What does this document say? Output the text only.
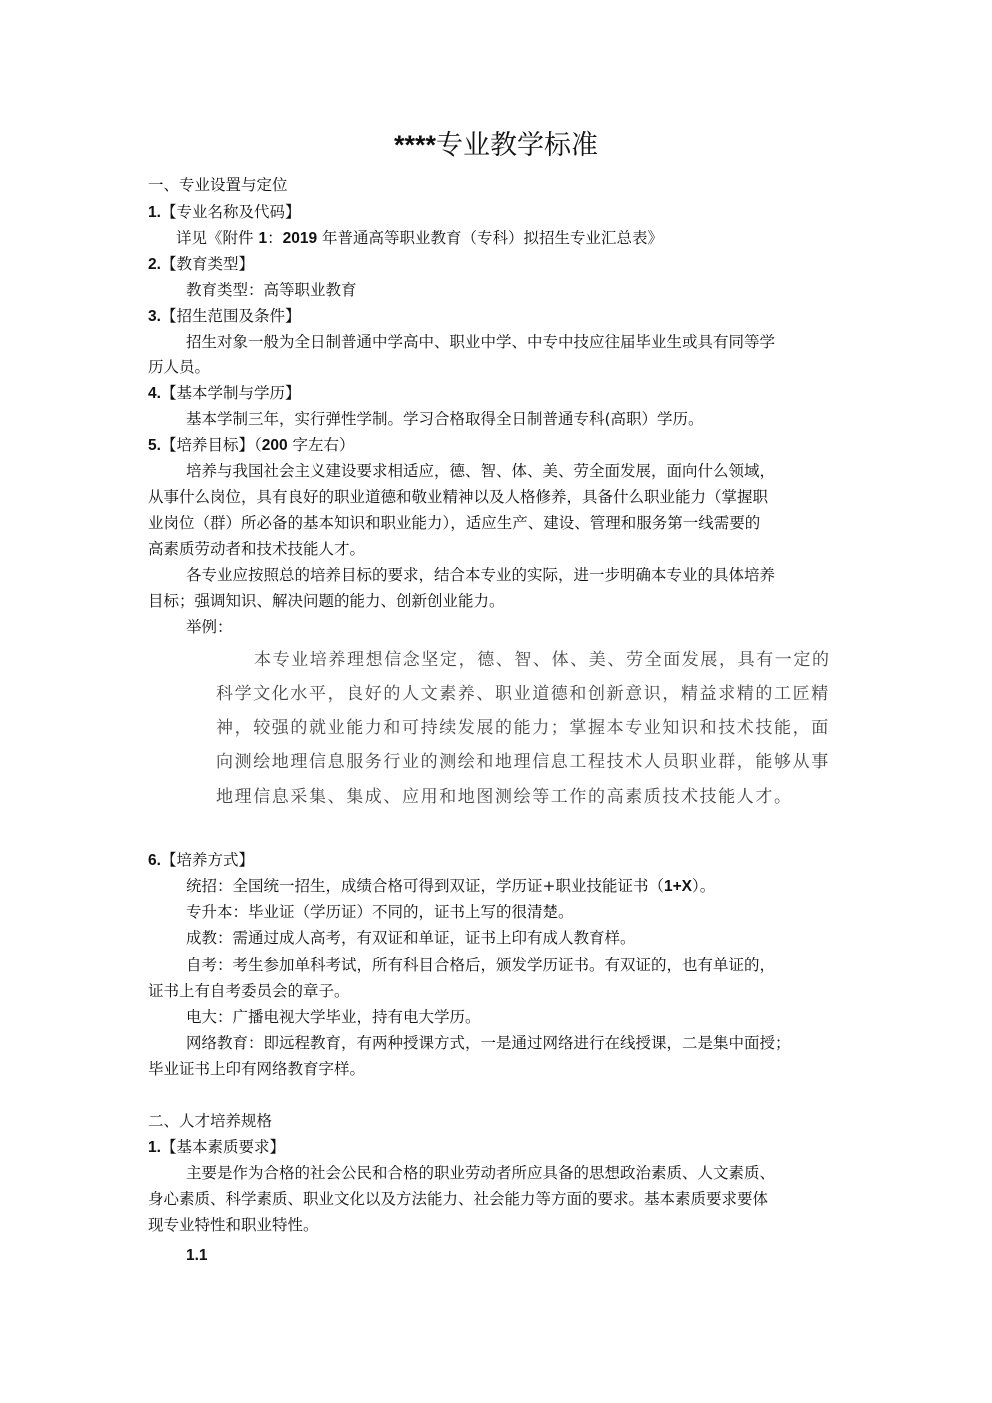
****专业教学标准
一、专业设置与定位
1.【专业名称及代码】
详见《附件 1：2019 年普通高等职业教育（专科）拟招生专业汇总表》
2.【教育类型】
教育类型：高等职业教育
3.【招生范围及条件】
招生对象一般为全日制普通中学高中、职业中学、中专中技应往届毕业生或具有同等学
历人员。
4.【基本学制与学历】
基本学制三年，实行弹性学制。学习合格取得全日制普通专科(高职）学历。
5.【培养目标】（200 字左右）
培养与我国社会主义建设要求相适应，德、智、体、美、劳全面发展，面向什么领域，
从事什么岗位，具有良好的职业道德和敬业精神以及人格修养，具备什么职业能力（掌握职
业岗位（群）所必备的基本知识和职业能力），适应生产、建设、管理和服务第一线需要的
高素质劳动者和技术技能人才。
各专业应按照总的培养目标的要求，结合本专业的实际，进一步明确本专业的具体培养
目标；强调知识、解决问题的能力、创新创业能力。
举例：
本专业培养理想信念坚定，德、智、体、美、劳全面发展，具有一定的
科学文化水平，良好的人文素养、职业道德和创新意识，精益求精的工匠精
神，较强的就业能力和可持续发展的能力；掌握本专业知识和技术技能，面
向测绘地理信息服务行业的测绘和地理信息工程技术人员职业群，能够从事
地理信息采集、集成、应用和地图测绘等工作的高素质技术技能人才。
6.【培养方式】
统招：全国统一招生，成绩合格可得到双证，学历证+职业技能证书（1+X）。
专升本：毕业证（学历证）不同的，证书上写的很清楚。
成教：需通过成人高考，有双证和单证，证书上印有成人教育样。
自考：考生参加单科考试，所有科目合格后，颁发学历证书。有双证的，也有单证的，
证书上有自考委员会的章子。
电大：广播电视大学毕业，持有电大学历。
网络教育：即远程教育，有两种授课方式，一是通过网络进行在线授课，二是集中面授；
毕业证书上印有网络教育字样。
二、人才培养规格
1.【基本素质要求】
主要是作为合格的社会公民和合格的职业劳动者所应具备的思想政治素质、人文素质、
身心素质、科学素质、职业文化以及方法能力、社会能力等方面的要求。基本素质要求要体
现专业特性和职业特性。
1.1
